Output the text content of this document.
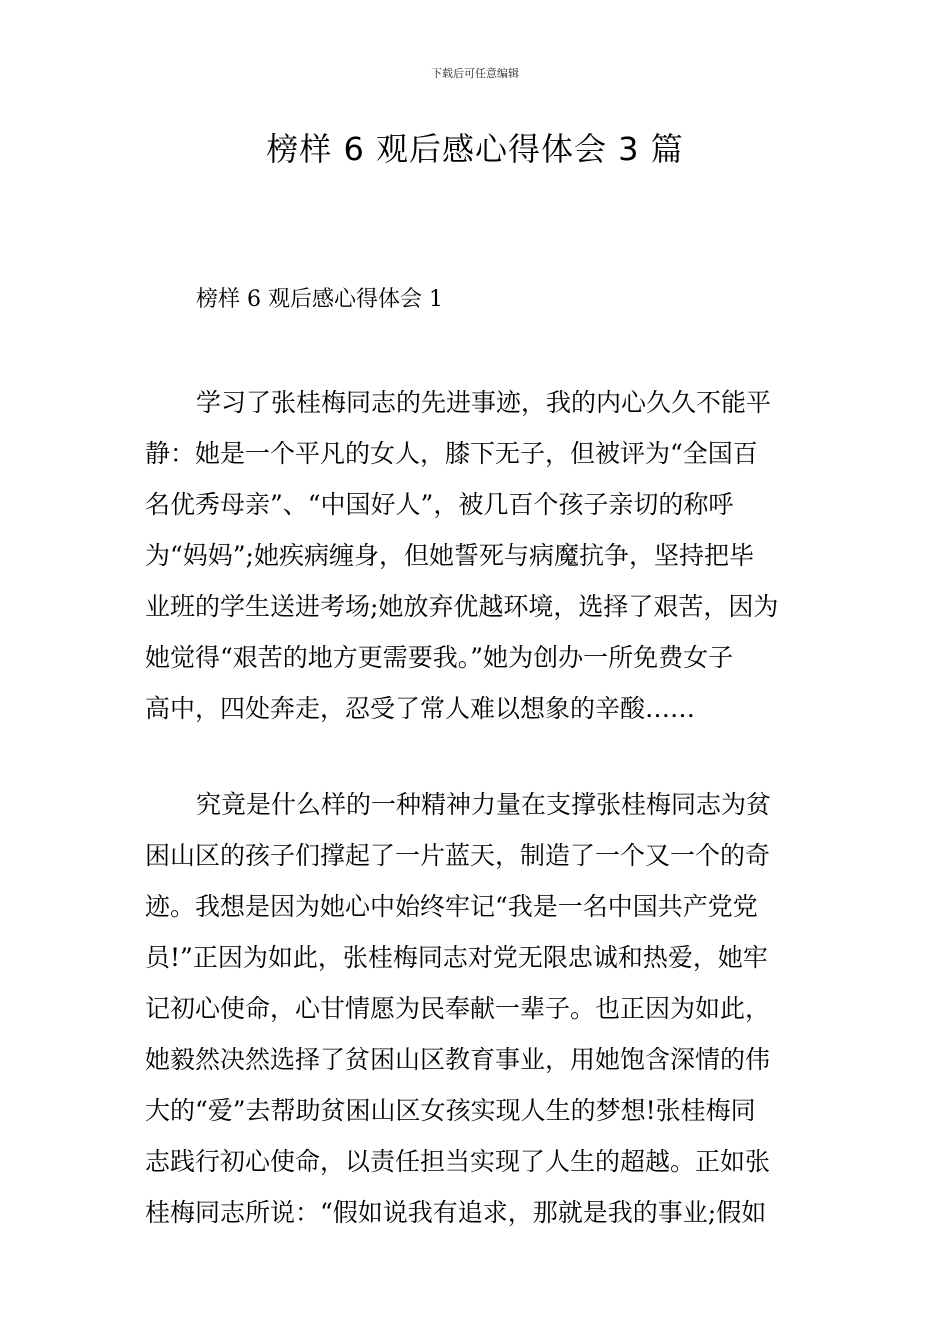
下载后可任意编辑
榜样 6 观后感心得体会 3 篇
榜样 6 观后感心得体会 1
学习了张桂梅同志的先进事迹，我的内心久久不能平
静：她是一个平凡的女人，膝下无子，但被评为“全国百
名优秀母亲”、“中国好人”，被几百个孩子亲切的称呼
为“妈妈”;她疾病缠身，但她誓死与病魔抗争，坚持把毕
业班的学生送进考场;她放弃优越环境，选择了艰苦，因为
她觉得“艰苦的地方更需要我。”她为创办一所免费女子
高中，四处奔走，忍受了常人难以想象的辛酸……
究竟是什么样的一种精神力量在支撑张桂梅同志为贫
困山区的孩子们撑起了一片蓝天，制造了一个又一个的奇
迹。我想是因为她心中始终牢记“我是一名中国共产党党
员!”正因为如此，张桂梅同志对党无限忠诚和热爱，她牢
记初心使命，心甘情愿为民奉献一辈子。也正因为如此，
她毅然决然选择了贫困山区教育事业，用她饱含深情的伟
大的“爱”去帮助贫困山区女孩实现人生的梦想!张桂梅同
志践行初心使命，以责任担当实现了人生的超越。正如张
桂梅同志所说：“假如说我有追求，那就是我的事业;假如
